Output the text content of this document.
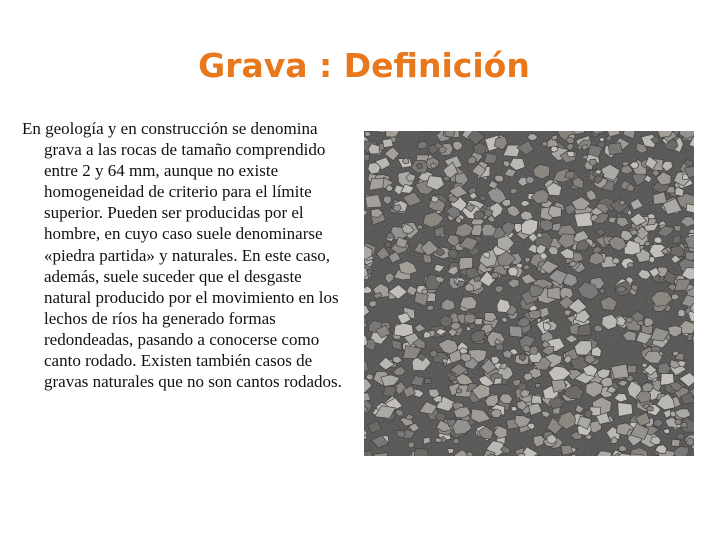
Grava : Definición

En geología y en construcción se denomina grava a las rocas de tamaño comprendido entre 2 y 64 mm, aunque no existe homogeneidad de criterio para el límite superior. Pueden ser producidas por el hombre, en cuyo caso suele denominarse «piedra partida» y naturales. En este caso, además, suele suceder que el desgaste natural producido por el movimiento en los lechos de ríos ha generado formas redondeadas, pasando a conocerse como canto rodado. Existen también casos de gravas naturales que no son cantos rodados.
